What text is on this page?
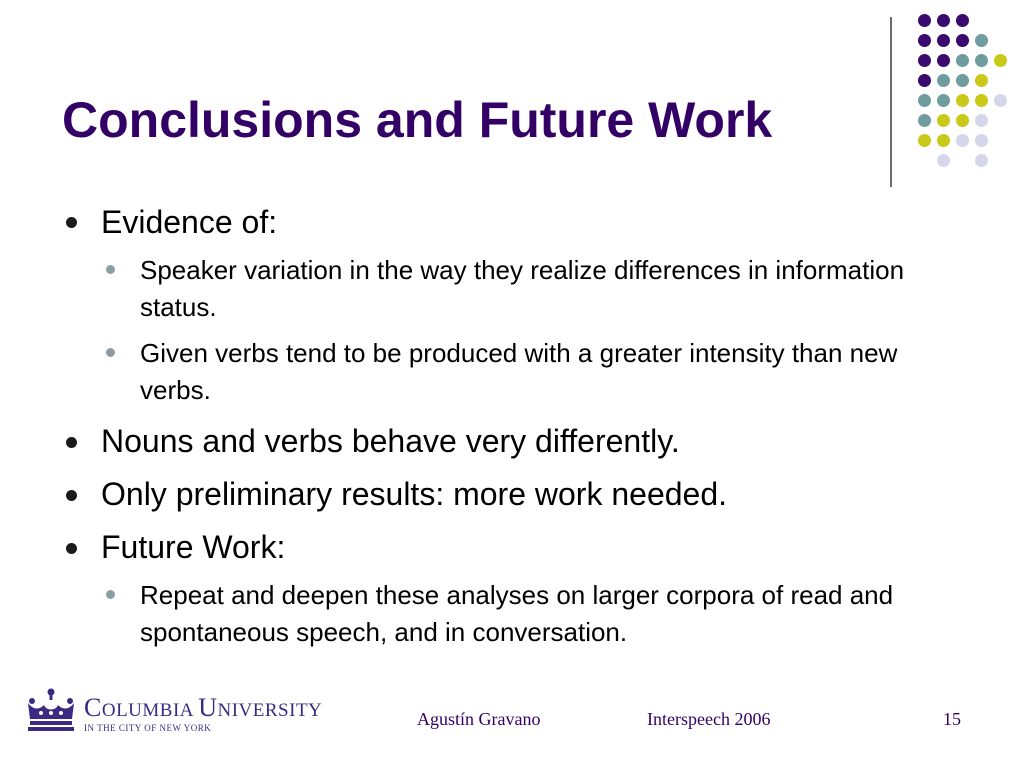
Conclusions and Future Work
Evidence of:
Speaker variation in the way they realize differences in information status.
Given verbs tend to be produced with a greater intensity than new verbs.
Nouns and verbs behave very differently.
Only preliminary results: more work needed.
Future Work:
Repeat and deepen these analyses on larger corpora of read and spontaneous speech, and in conversation.
COLUMBIA UNIVERSITY
IN THE CITY OF NEW YORK	Agustín Gravano	Interspeech 2006	15
